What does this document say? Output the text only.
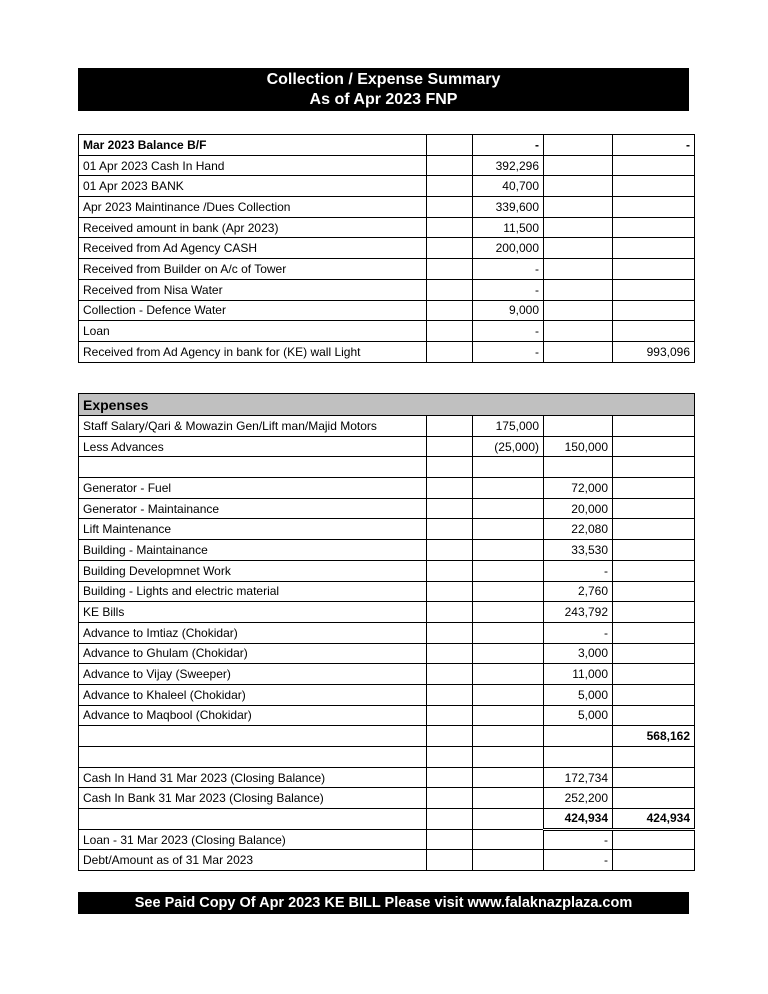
Collection / Expense Summary
As of Apr 2023 FNP
Mar 2023 Balance B/F		-		-
01 Apr 2023 Cash In Hand		392,296		
01 Apr 2023 BANK		40,700		
Apr 2023 Maintinance /Dues Collection		339,600		
Received amount in bank (Apr 2023)		11,500		
Received from Ad Agency CASH		200,000		
Received from Builder on A/c of Tower		-		
Received from Nisa Water		-		
Collection - Defence Water		9,000		
Loan		-		
Received from Ad Agency in bank for (KE) wall Light		-		993,096
Expenses				
Staff Salary/Qari & Mowazin Gen/Lift man/Majid Motors		175,000		
Less Advances		(25,000)	150,000	

Generator - Fuel			72,000	
Generator - Maintainance			20,000	
Lift Maintenance			22,080	
Building - Maintainance			33,530	
Building Developmnet Work			-	
Building - Lights and electric material			2,760	
KE Bills			243,792	
Advance to Imtiaz (Chokidar)			-	
Advance to Ghulam (Chokidar)			3,000	
Advance to Vijay (Sweeper)			11,000	
Advance to Khaleel (Chokidar)			5,000	
Advance to Maqbool (Chokidar)			5,000	
				568,162

Cash In Hand 31 Mar 2023 (Closing Balance)			172,734	
Cash In Bank 31 Mar 2023 (Closing Balance)			252,200	
			424,934	424,934
Loan - 31 Mar 2023 (Closing Balance)			-	
Debt/Amount as of 31 Mar 2023			-	
See Paid Copy Of Apr 2023 KE BILL Please visit www.falaknazplaza.com
